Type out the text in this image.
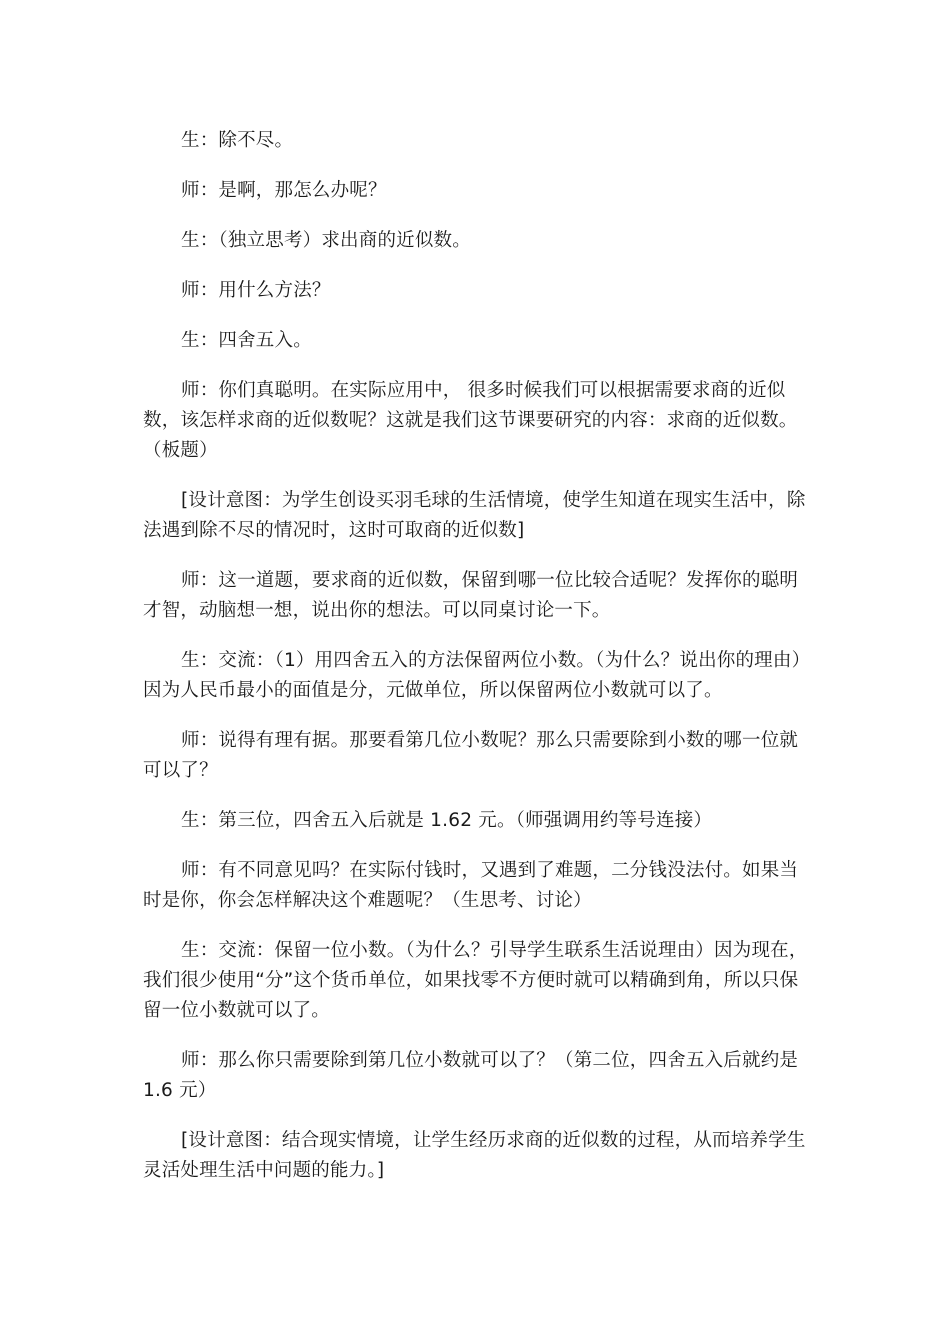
生：除不尽。

师：是啊，那怎么办呢？

生：（独立思考）求出商的近似数。

师：用什么方法？

生：四舍五入。

师：你们真聪明。在实际应用中， 很多时候我们可以根据需要求商的近似数，该怎样求商的近似数呢？这就是我们这节课要研究的内容：求商的近似数。（板题）

[设计意图：为学生创设买羽毛球的生活情境，使学生知道在现实生活中，除法遇到除不尽的情况时，这时可取商的近似数]

师：这一道题，要求商的近似数，保留到哪一位比较合适呢？发挥你的聪明才智，动脑想一想，说出你的想法。可以同桌讨论一下。

生：交流：（1）用四舍五入的方法保留两位小数。（为什么？说出你的理由）因为人民币最小的面值是分，元做单位，所以保留两位小数就可以了。

师：说得有理有据。那要看第几位小数呢？那么只需要除到小数的哪一位就可以了？

生：第三位，四舍五入后就是 1.62 元。（师强调用约等号连接）

师：有不同意见吗？在实际付钱时，又遇到了难题，二分钱没法付。如果当时是你，你会怎样解决这个难题呢？（生思考、讨论）

生：交流：保留一位小数。（为什么？引导学生联系生活说理由）因为现在，我们很少使用“分”这个货币单位，如果找零不方便时就可以精确到角，所以只保留一位小数就可以了。

师：那么你只需要除到第几位小数就可以了？（第二位，四舍五入后就约是 1.6 元）

[设计意图：结合现实情境，让学生经历求商的近似数的过程，从而培养学生灵活处理生活中问题的能力。]
